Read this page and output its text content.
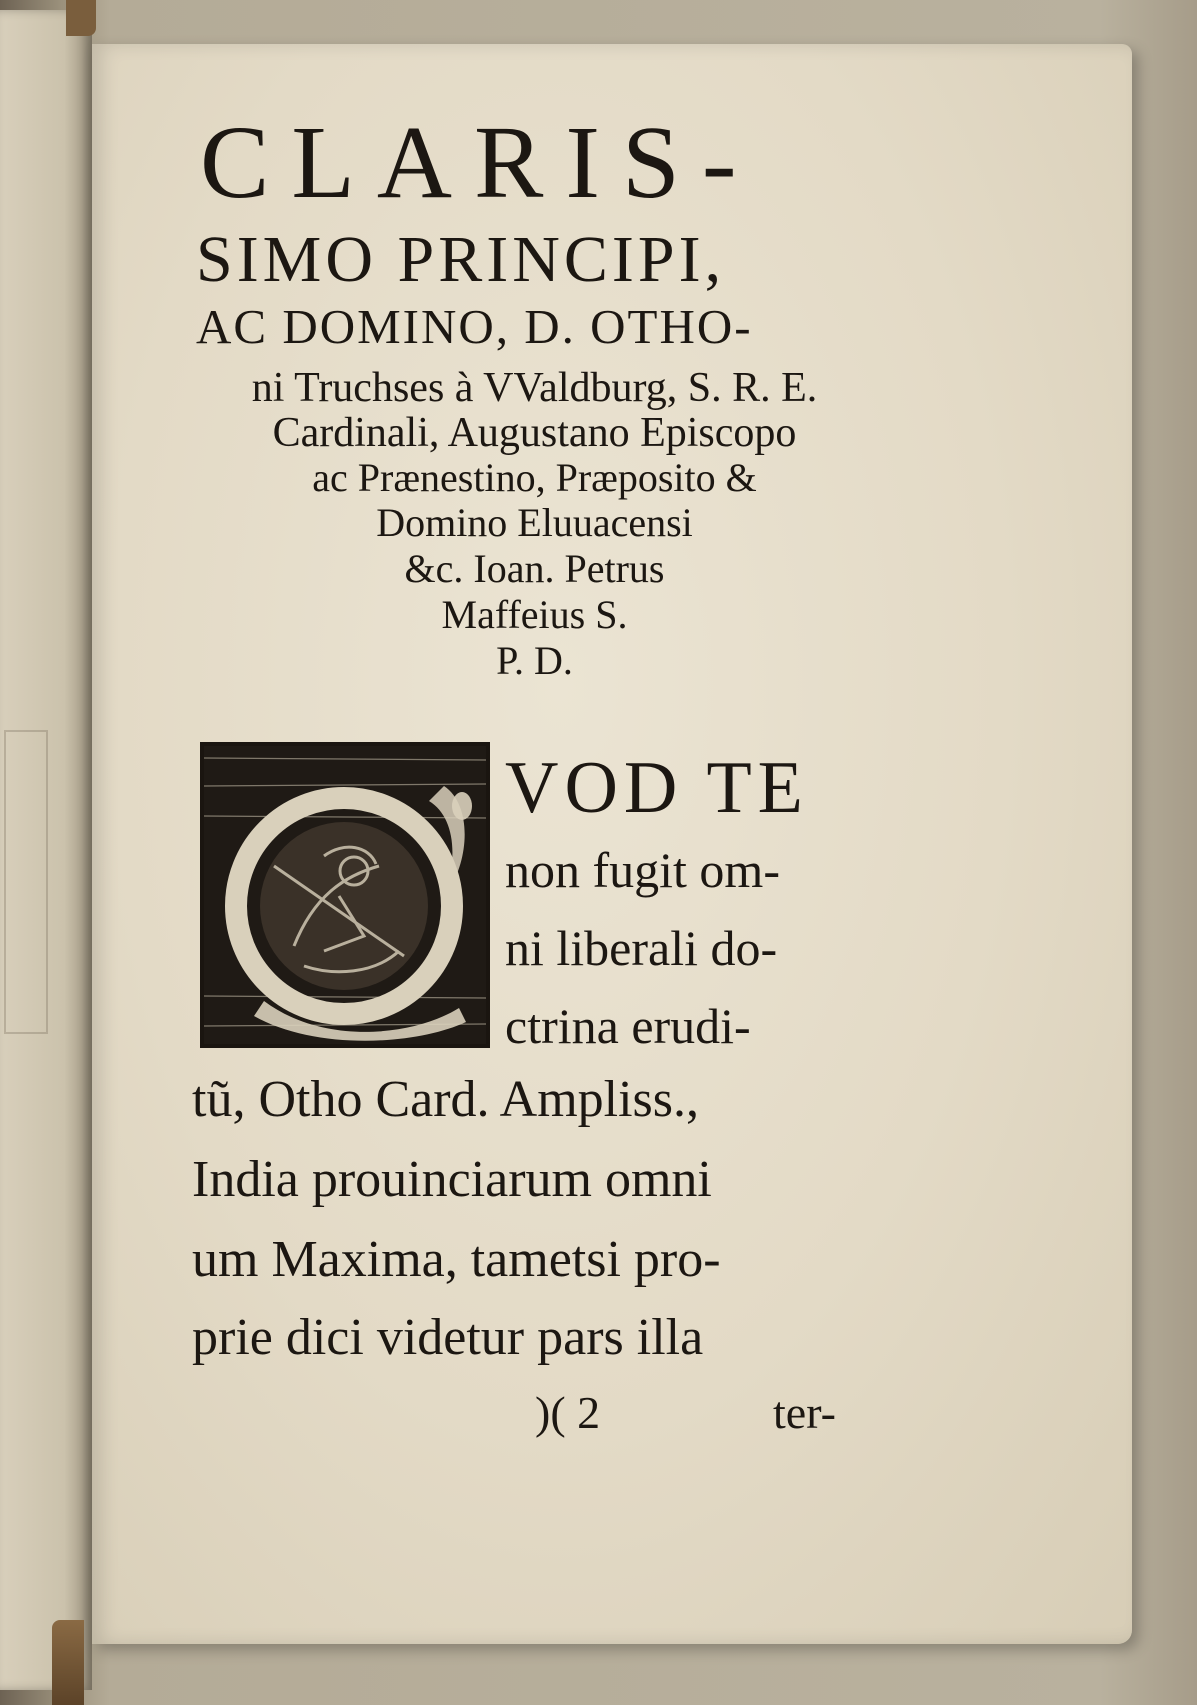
CLARIS-

SIMO PRINCIPI,

AC DOMINO, D. OTHO-

ni Truchses à VValdburg, S. R. E.

Cardinali, Augustano Episcopo

ac Prænestino, Præposito &

Domino Eluuacensi

&c. Ioan. Petrus

Maffeius S.

P. D.

VOD TE

non fugit om-

ni liberali do-

ctrina erudi-

tũ, Otho Card. Ampliss.,

India prouinciarum omni

um Maxima, tametsi pro-

prie dici videtur pars illa

)( 2	ter-
